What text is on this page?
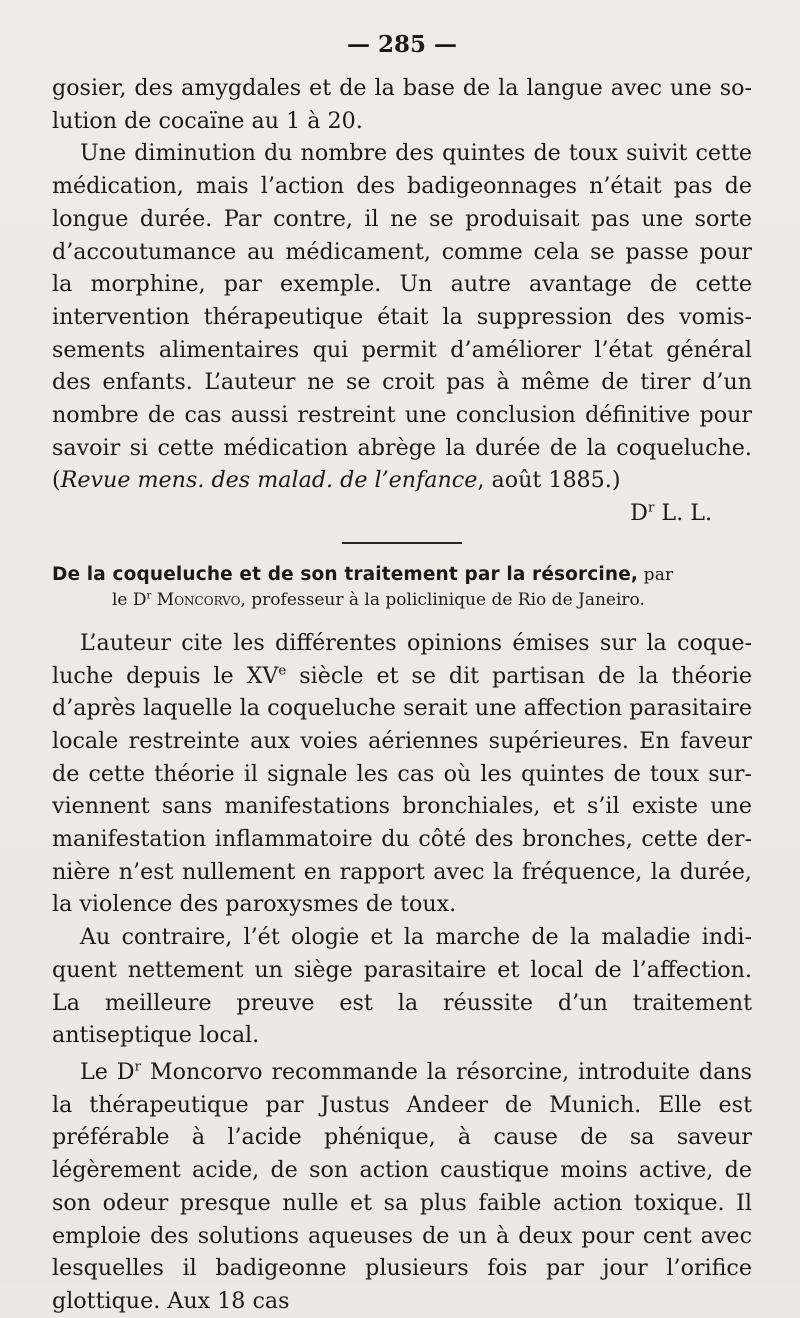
— 285 —

gosier, des amygdales et de la base de la langue avec une solution de cocaïne au 1 à 20.

Une diminution du nombre des quintes de toux suivit cette médication, mais l’action des badigeonnages n’était pas de longue durée. Par contre, il ne se produisait pas une sorte d’accoutumance au médicament, comme cela se passe pour la morphine, par exemple. Un autre avantage de cette intervention thérapeutique était la suppression des vomissements alimentaires qui permit d’améliorer l’état général des enfants. L’auteur ne se croit pas à même de tirer d’un nombre de cas aussi restreint une conclusion définitive pour savoir si cette médication abrège la durée de la coqueluche. (Revue mens. des malad. de l’enfance, août 1885.)

$D^r$ L. L.

De la coqueluche et de son traitement par la résorcine, par

le $D^r$ Moncorvo, professeur à la policlinique de Rio de Janeiro.

L’auteur cite les différentes opinions émises sur la coqueluche depuis le XVe siècle et se dit partisan de la théorie d’après laquelle la coqueluche serait une affection parasitaire locale restreinte aux voies aériennes supérieures. En faveur de cette théorie il signale les cas où les quintes de toux surviennent sans manifestations bronchiales, et s’il existe une manifestation inflammatoire du côté des bronches, cette dernière n’est nullement en rapport avec la fréquence, la durée, la violence des paroxysmes de toux.

Au contraire, l’ét ologie et la marche de la maladie indiquent nettement un siège parasitaire et local de l’affection. La meilleure preuve est la réussite d’un traitement antiseptique local.

Le $D^r$ Moncorvo recommande la résorcine, introduite dans la thérapeutique par Justus Andeer de Munich. Elle est préférable à l’acide phénique, à cause de sa saveur légèrement acide, de son action caustique moins active, de son odeur presque nulle et sa plus faible action toxique. Il emploie des solutions aqueuses de un à deux pour cent avec lesquelles il badigeonne plusieurs fois par jour l’orifice glottique. Aux 18 cas
